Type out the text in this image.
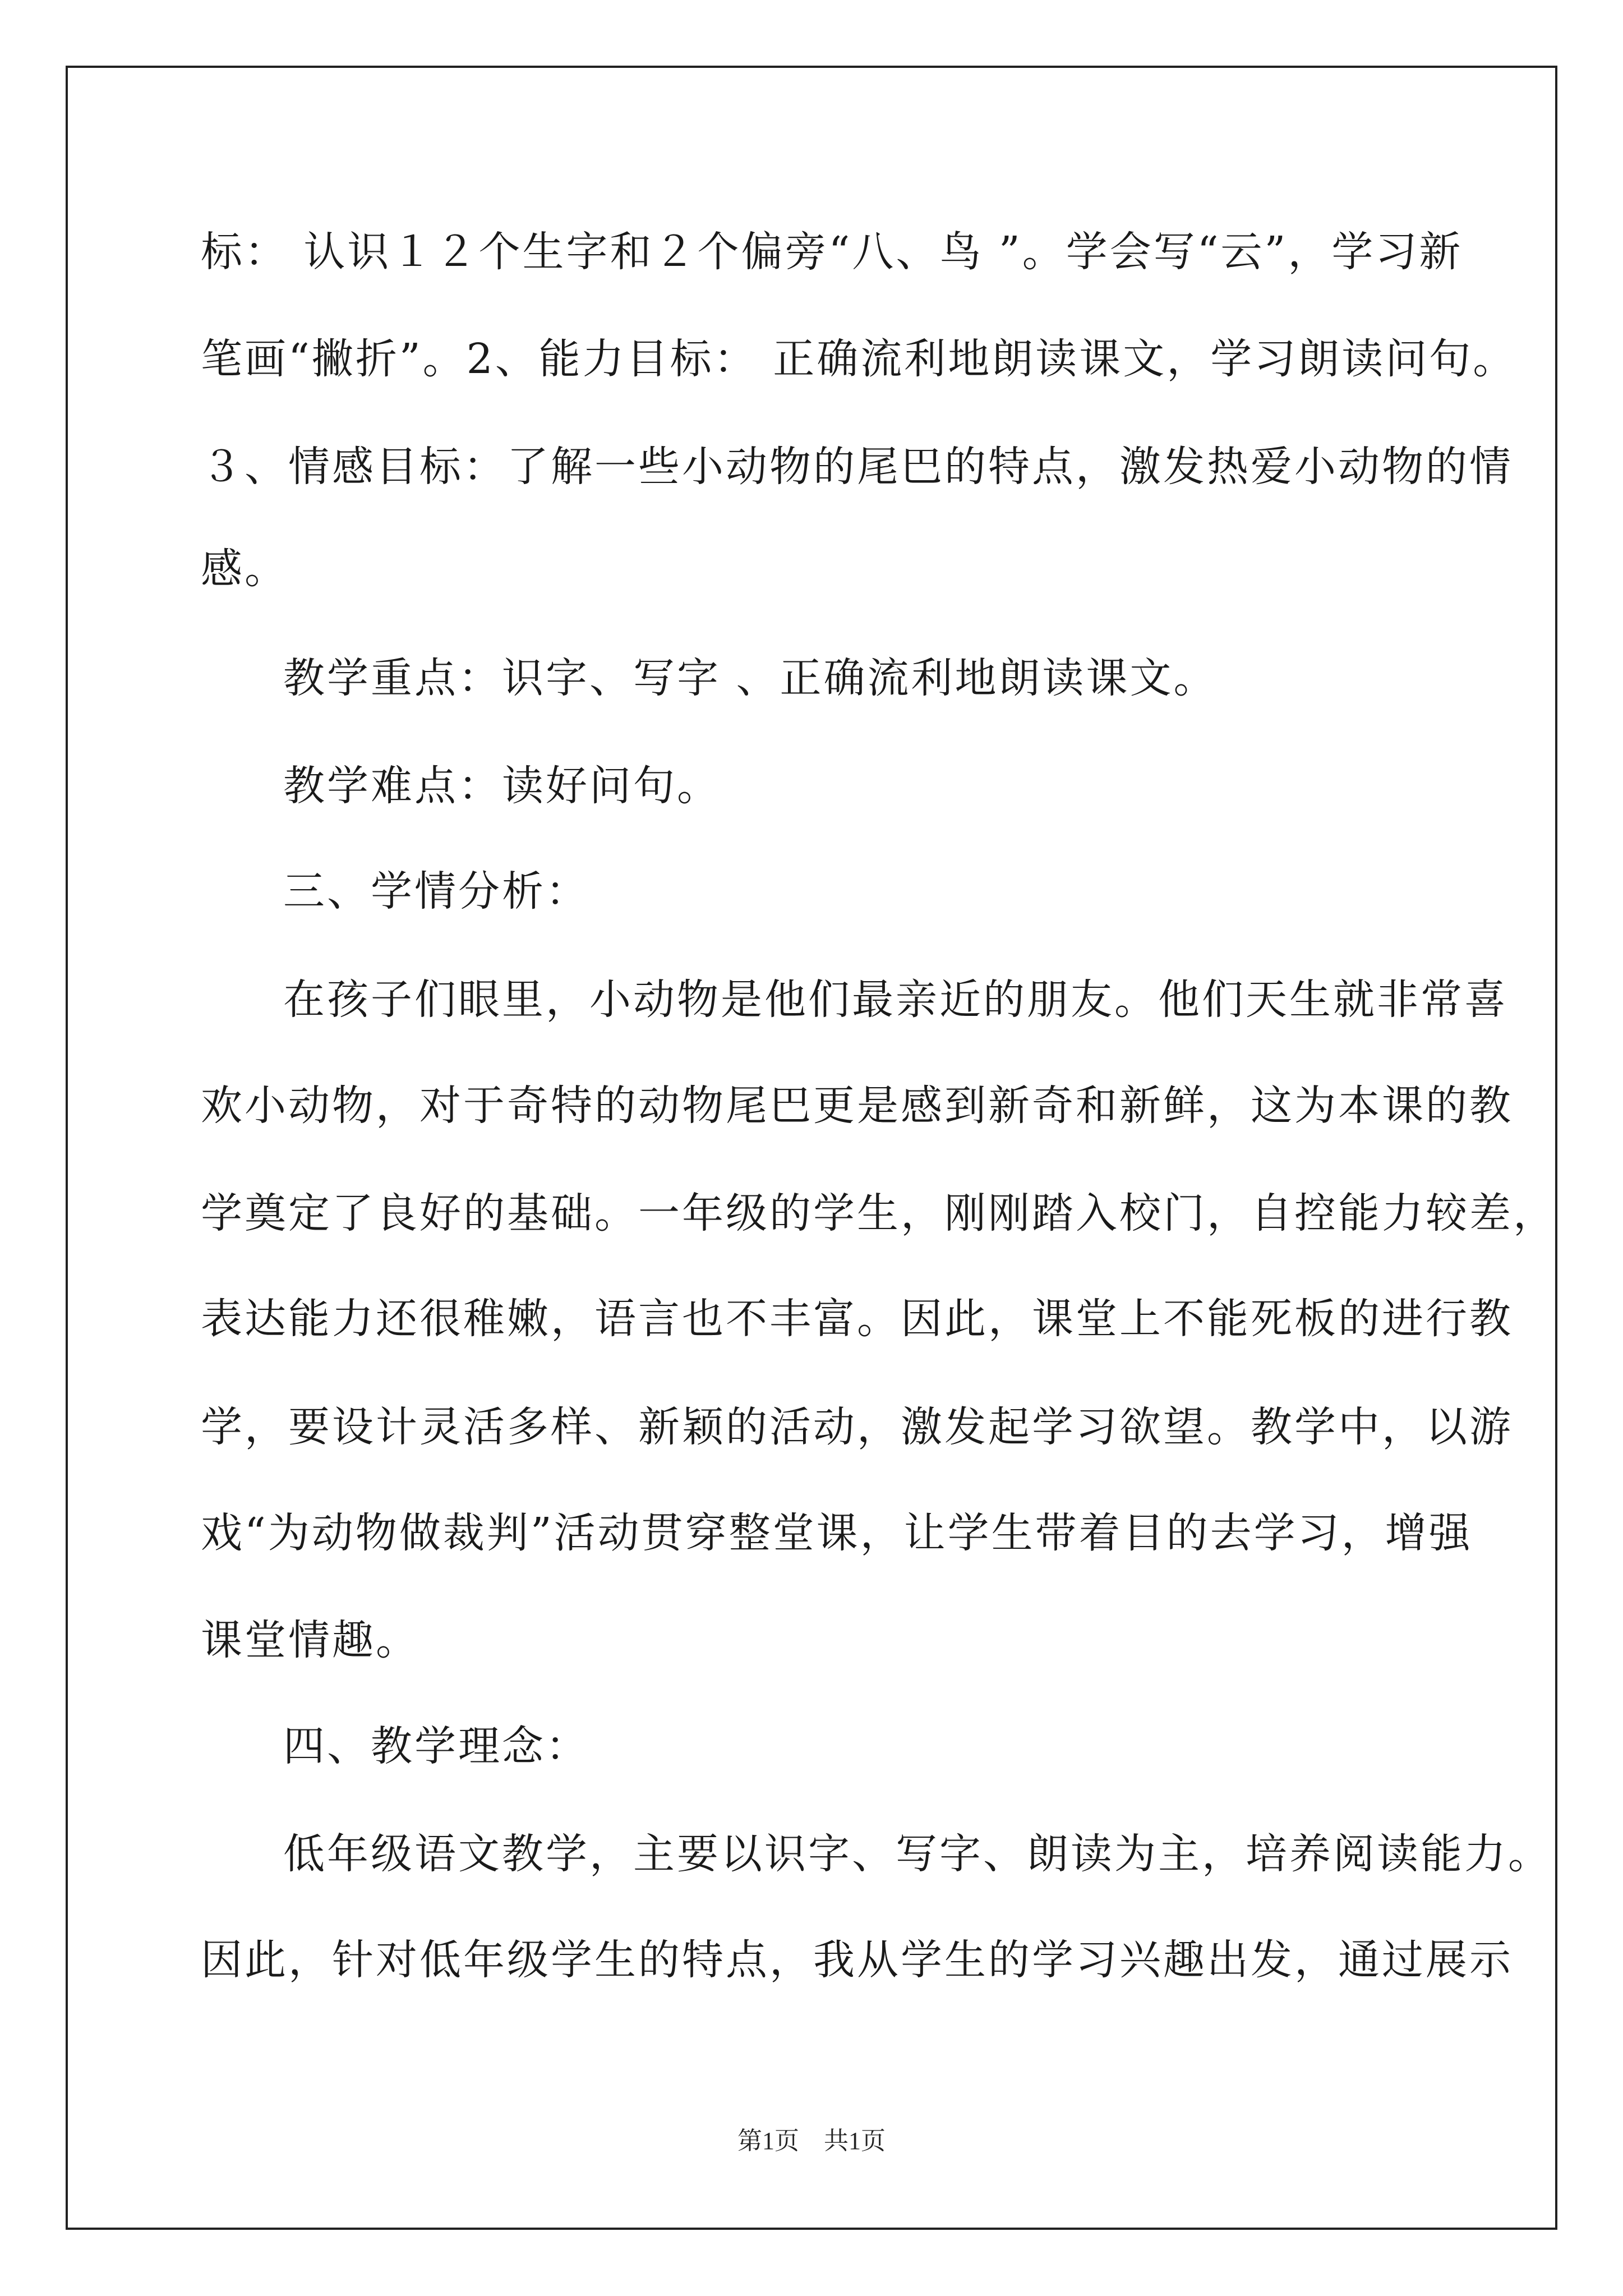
标： 认识１２个生字和２个偏旁“八、鸟 ”。学会写“云”，学习新
笔画“撇折”。2、能力目标： 正确流利地朗读课文，学习朗读问句。
３、情感目标：了解一些小动物的尾巴的特点，激发热爱小动物的情
感。
教学重点：识字、写字 、正确流利地朗读课文。
教学难点：读好问句。
三、学情分析：
在孩子们眼里，小动物是他们最亲近的朋友。他们天生就非常喜
欢小动物，对于奇特的动物尾巴更是感到新奇和新鲜，这为本课的教
学奠定了良好的基础。一年级的学生，刚刚踏入校门，自控能力较差，
表达能力还很稚嫩，语言也不丰富。因此，课堂上不能死板的进行教
学，要设计灵活多样、新颖的活动，激发起学习欲望。教学中，以游
戏“为动物做裁判”活动贯穿整堂课，让学生带着目的去学习，增强
课堂情趣。
四、教学理念：
低年级语文教学，主要以识字、写字、朗读为主，培养阅读能力。
因此，针对低年级学生的特点，我从学生的学习兴趣出发，通过展示
第1页　共1页
